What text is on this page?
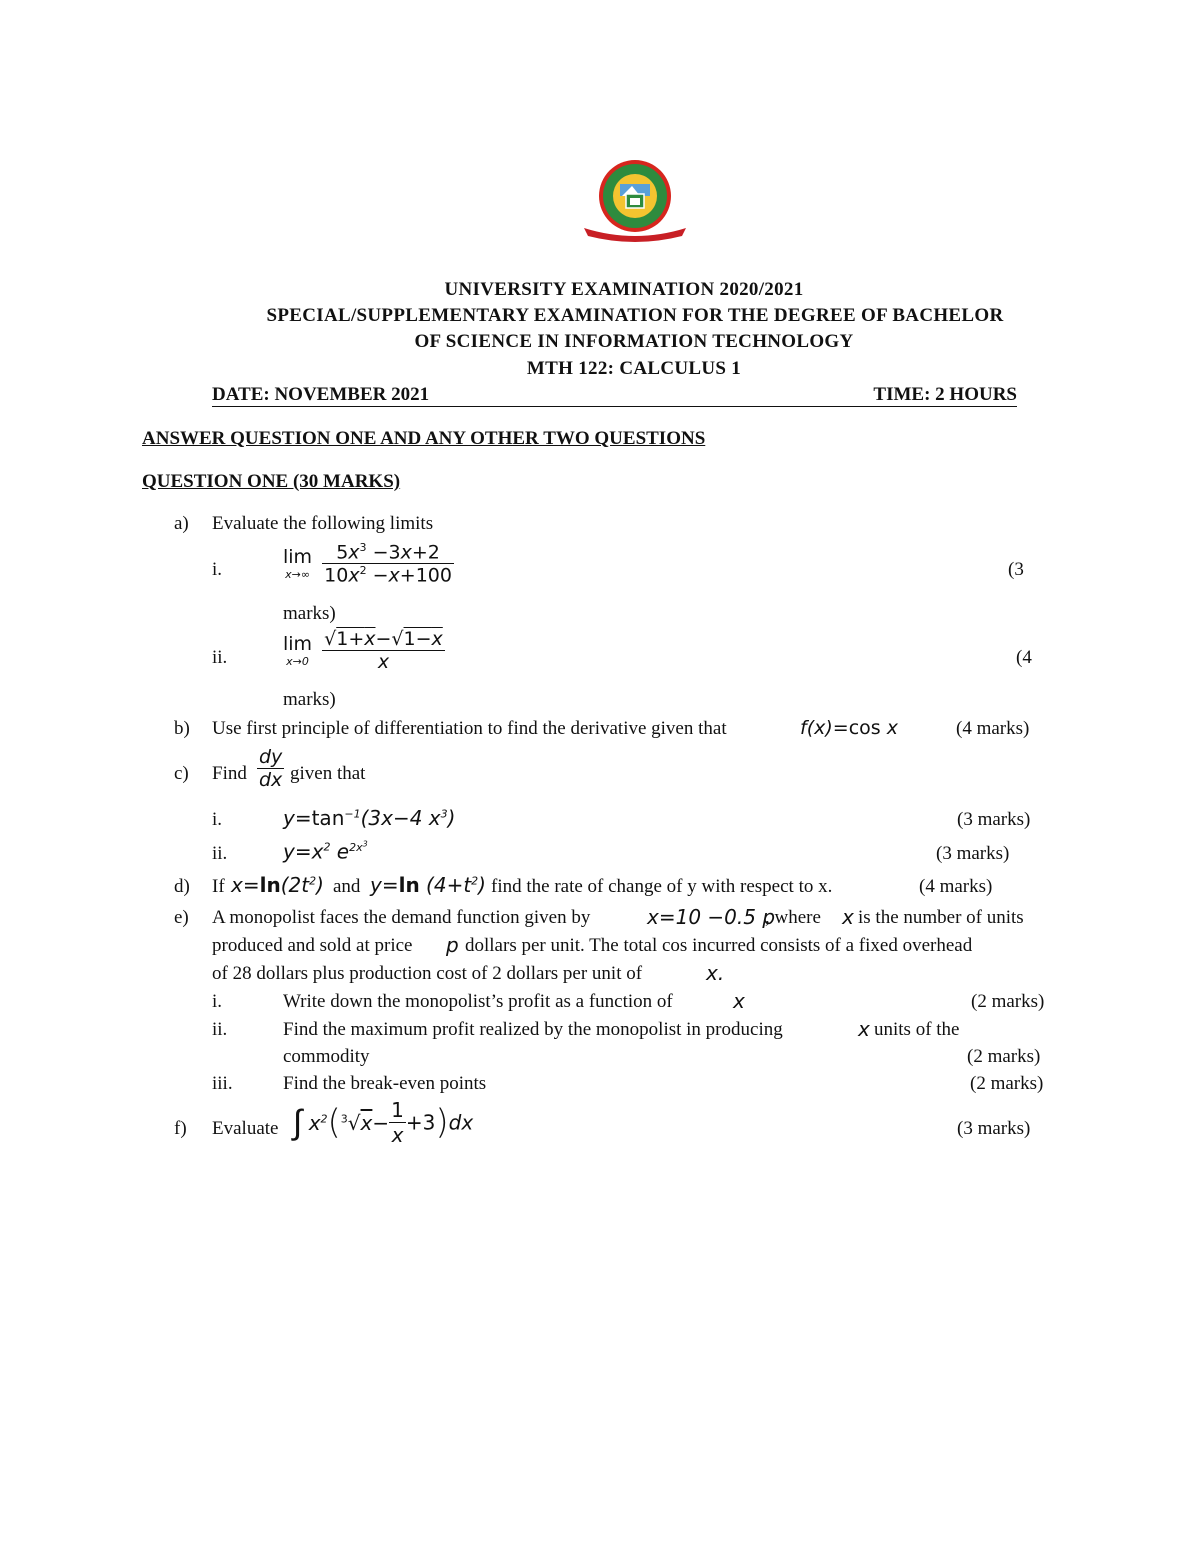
UNIVERSITY EXAMINATION 2020/2021
SPECIAL/SUPPLEMENTARY EXAMINATION FOR THE DEGREE OF BACHELOR
OF SCIENCE IN INFORMATION TECHNOLOGY
MTH 122: CALCULUS 1
DATE: NOVEMBER 2021	TIME: 2 HOURS
ANSWER QUESTION ONE AND ANY OTHER TWO QUESTIONS
QUESTION ONE (30 MARKS)
a) Evaluate the following limits
i.
lim
x→∞
$\frac{5x^3 -3x+2}{10x^2 -x+100}$	(3
marks)
ii.
lim
x→0
$\frac{√1+x-√1-x}{x}$	(4
marks)
b) Use first principle of differentiation to find the derivative given that	f(x)=cos x	(4 marks)
c) Find $\frac{dy}{dx}$ given that
i.	$y=\tan^{-1}(3x-4$ $x^3$)	(3 marks)
ii.	$y=x^2$ $e^{2x^3}$	(3 marks)
d) If $x=\ln(2t^2)$ and y=ln $(4+t^2)$ find the rate of change of y with respect to x.	(4 marks)
e) A monopolist faces the demand function given by	x=10 −0.5 p
, where x is the number of units
produced and sold at price p dollars per unit. The total cos incurred consists of a fixed overhead
of 28 dollars plus production cost of 2 dollars per unit of	x.
i.	Write down the monopolist’s profit as a function of	x	(2 marks)
ii.	Find the maximum profit realized by the monopolist in producing	x units of the
commodity	(2 marks)
iii.	Find the break-even points	(2 marks)
f) Evaluate ∫ $x^2(^3√x- \frac{1}{x} +3)dx$	(3 marks)
